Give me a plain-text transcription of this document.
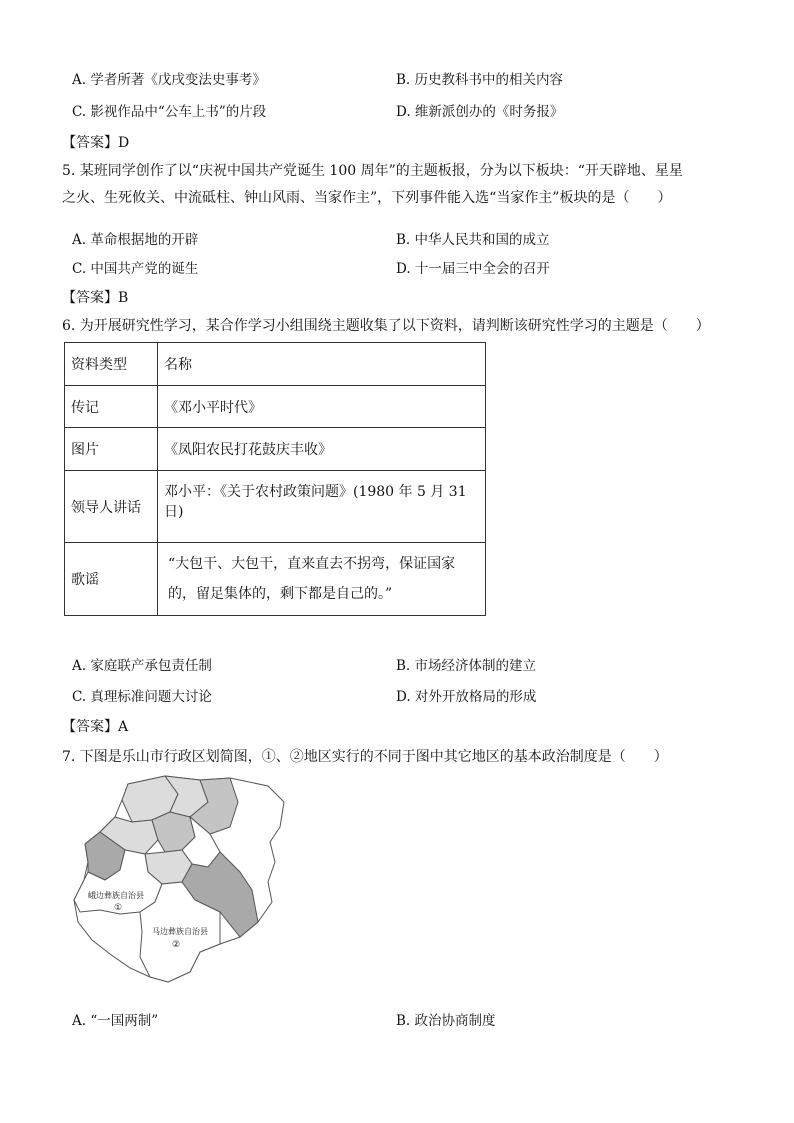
A. 学者所著《戊戌变法史事考》	B. 历史教科书中的相关内容
C. 影视作品中“公车上书”的片段	D. 维新派创办的《时务报》
【答案】D
5. 某班同学创作了以“庆祝中国共产党诞生 100 周年”的主题板报，分为以下板块：“开天辟地、星星
之火、生死攸关、中流砥柱、钟山风雨、当家作主”，下列事件能入选“当家作主”板块的是（　　）
A. 革命根据地的开辟	B. 中华人民共和国的成立
C. 中国共产党的诞生	D. 十一届三中全会的召开
【答案】B
6. 为开展研究性学习，某合作学习小组围绕主题收集了以下资料，请判断该研究性学习的主题是（　　）
资料类型	名称
传记	《邓小平时代》
图片	《凤阳农民打花鼓庆丰收》
领导人讲话	邓小平：《关于农村政策问题》(1980 年 5 月 31 日)
歌谣	“大包干、大包干，直来直去不拐弯，保证国家的，留足集体的，剩下都是自己的。”
A. 家庭联产承包责任制	B. 市场经济体制的建立
C. 真理标准问题大讨论	D. 对外开放格局的形成
【答案】A
7. 下图是乐山市行政区划简图，①、②地区实行的不同于图中其它地区的基本政治制度是（　　）
峨边彝族自治县
①
马边彝族自治县
②
A. “一国两制”	B. 政治协商制度
